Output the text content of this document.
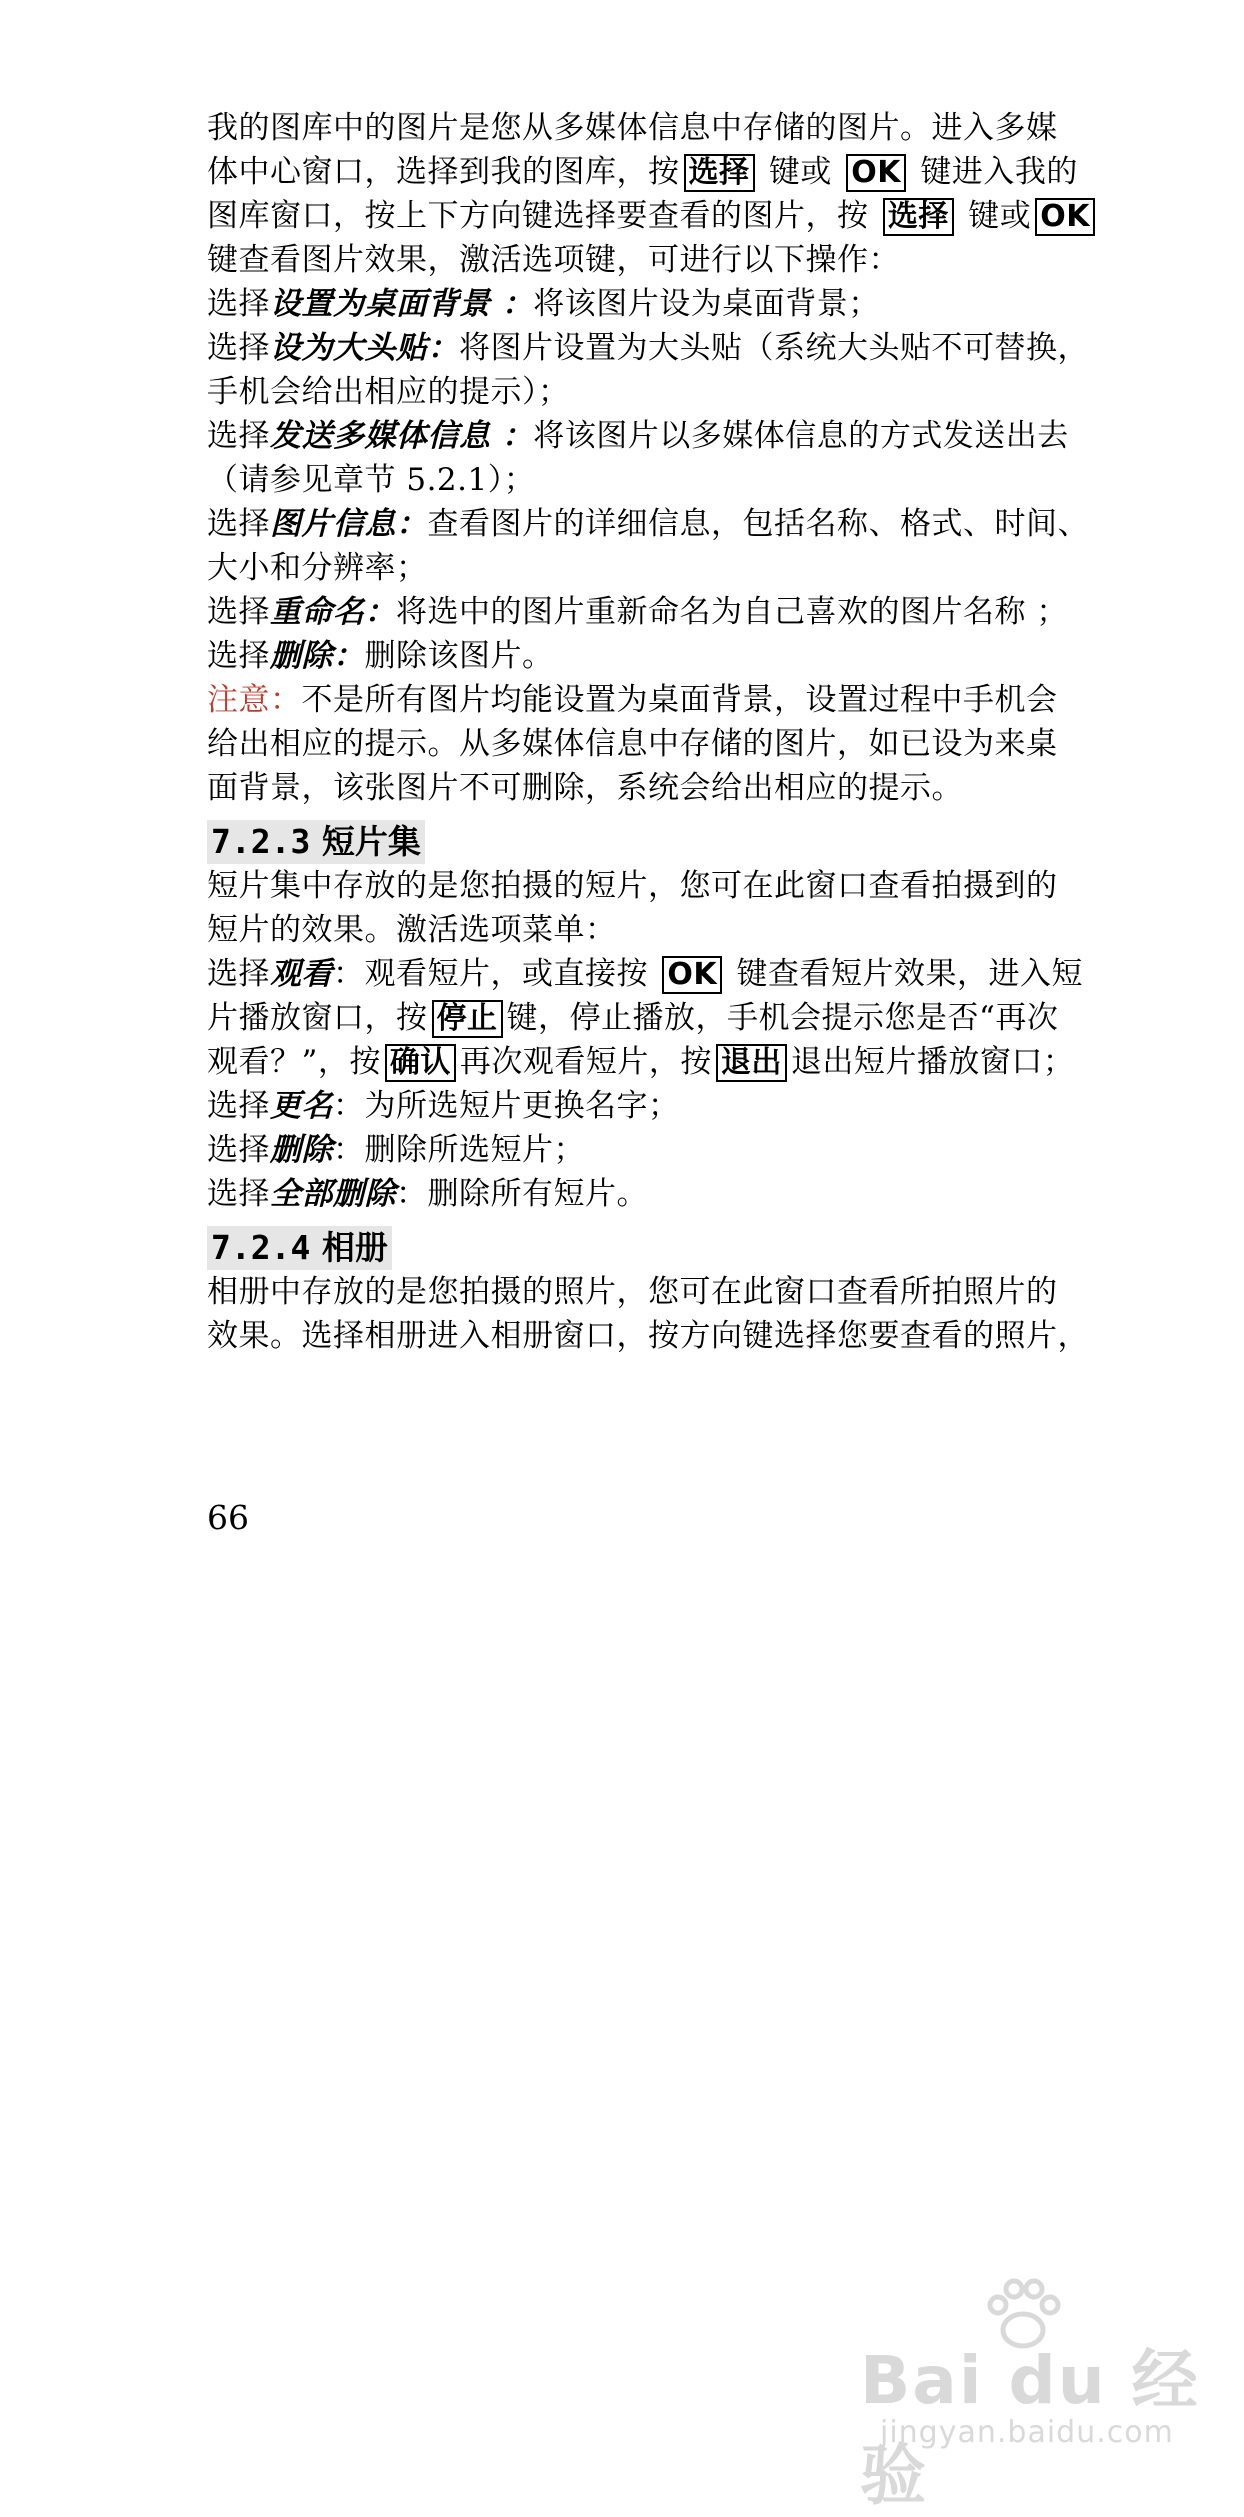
我的图库中的图片是您从多媒体信息中存储的图片。进入多媒

体中心窗口，选择到我的图库，按 选择 键或 OK 键进入我的

图库窗口，按上下方向键选择要查看的图片，按 选择 键或 OK

键查看图片效果，激活选项键，可进行以下操作：

选择设置为桌面背景 ：将该图片设为桌面背景；

选择设为大头贴：将图片设置为大头贴（系统大头贴不可替换，

手机会给出相应的提示）；

选择发送多媒体信息 ：将该图片以多媒体信息的方式发送出去

（请参见章节 5.2.1）；

选择图片信息：查看图片的详细信息，包括名称、格式、时间、

大小和分辨率；

选择重命名：将选中的图片重新命名为自己喜欢的图片名称 ；

选择删除：删除该图片。

注意：不是所有图片均能设置为桌面背景，设置过程中手机会

给出相应的提示。从多媒体信息中存储的图片，如已设为来桌

面背景，该张图片不可删除，系统会给出相应的提示。

7.2.3 短片集

短片集中存放的是您拍摄的短片，您可在此窗口查看拍摄到的

短片的效果。激活选项菜单：

选择观看：观看短片，或直接按 OK 键查看短片效果，进入短

片播放窗口，按 停止 键，停止播放，手机会提示您是否“再次

观看？”，按 确认再次观看短片，按 退出 退出短片播放窗口；

选择更名：为所选短片更换名字；

选择删除：删除所选短片；

选择全部删除：删除所有短片。

7.2.4 相册

相册中存放的是您拍摄的照片，您可在此窗口查看所拍照片的

效果。选择相册进入相册窗口，按方向键选择您要查看的照片，

66
Bai du 经验
jingyan.baidu.com
